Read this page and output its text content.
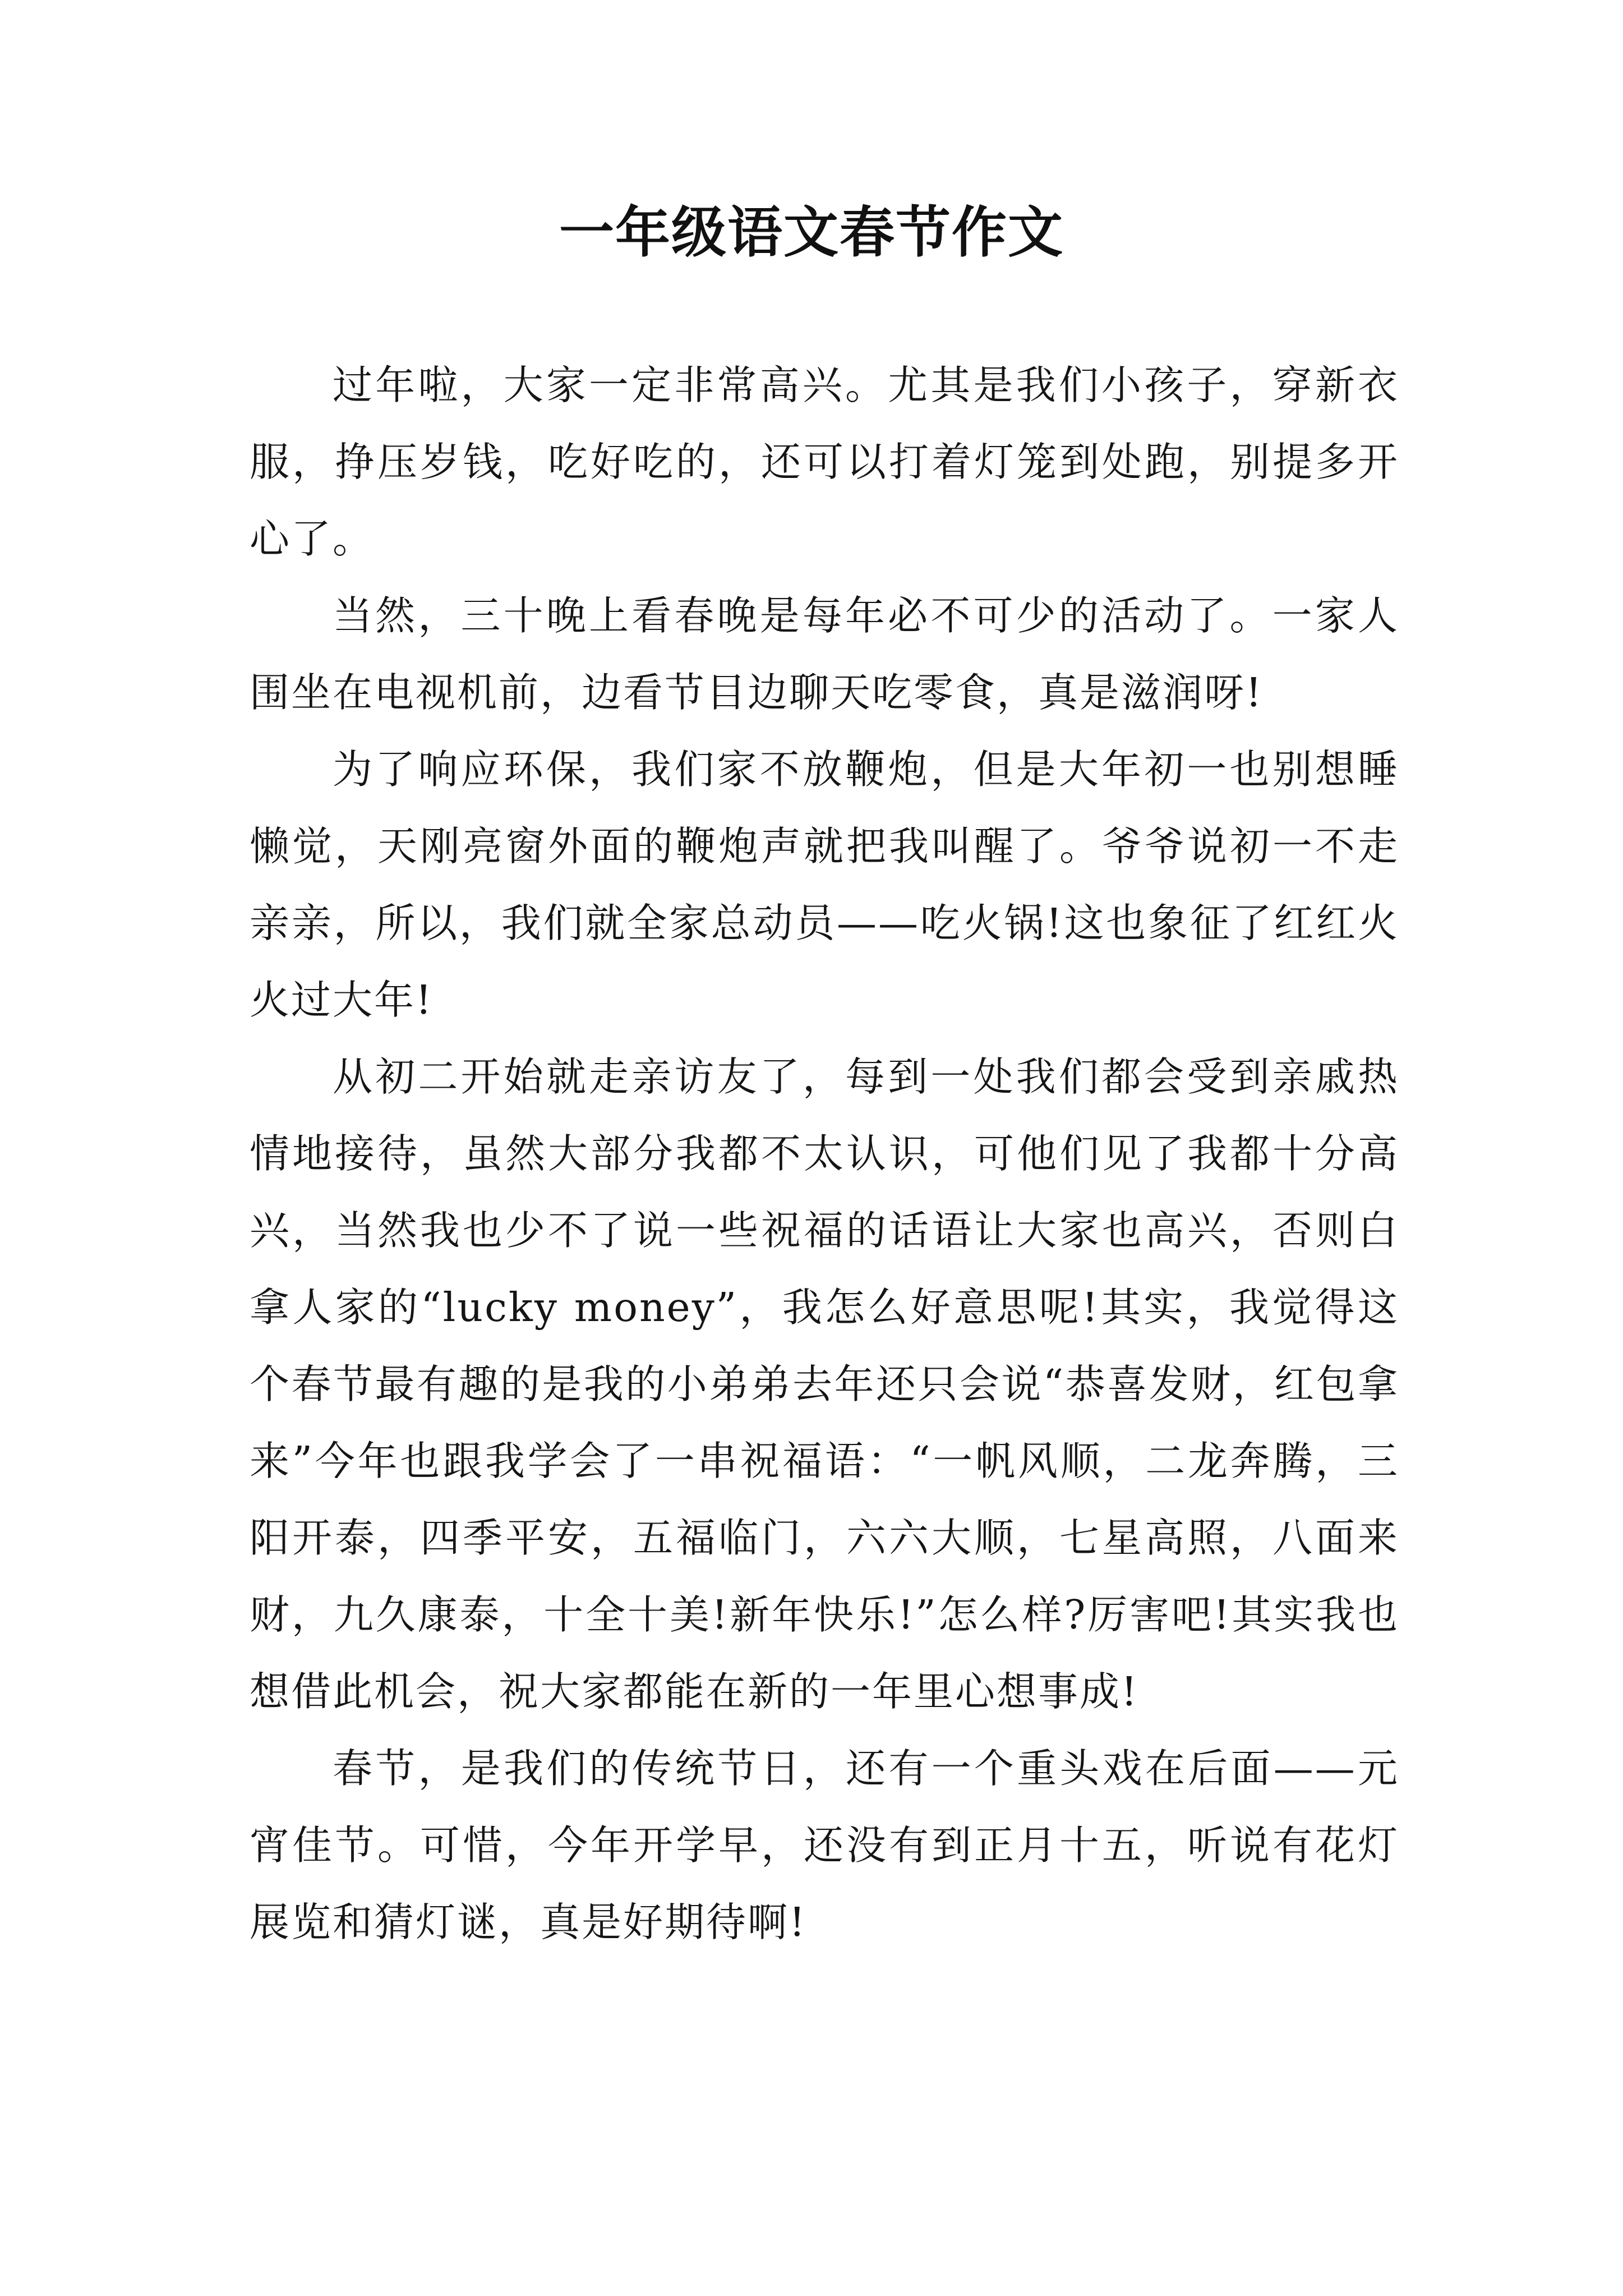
一年级语文春节作文

过年啦，大家一定非常高兴。尤其是我们小孩子，穿新衣服，挣压岁钱，吃好吃的，还可以打着灯笼到处跑，别提多开心了。

当然，三十晚上看春晚是每年必不可少的活动了。一家人围坐在电视机前，边看节目边聊天吃零食，真是滋润呀!

为了响应环保，我们家不放鞭炮，但是大年初一也别想睡懒觉，天刚亮窗外面的鞭炮声就把我叫醒了。爷爷说初一不走亲亲，所以，我们就全家总动员——吃火锅!这也象征了红红火火过大年!

从初二开始就走亲访友了，每到一处我们都会受到亲戚热情地接待，虽然大部分我都不太认识，可他们见了我都十分高兴，当然我也少不了说一些祝福的话语让大家也高兴，否则白拿人家的“lucky money”，我怎么好意思呢!其实，我觉得这个春节最有趣的是我的小弟弟去年还只会说“恭喜发财，红包拿来”今年也跟我学会了一串祝福语：“一帆风顺，二龙奔腾，三阳开泰，四季平安，五福临门，六六大顺，七星高照，八面来财，九久康泰，十全十美!新年快乐!”怎么样?厉害吧!其实我也想借此机会，祝大家都能在新的一年里心想事成!

春节，是我们的传统节日，还有一个重头戏在后面——元宵佳节。可惜，今年开学早，还没有到正月十五，听说有花灯展览和猜灯谜，真是好期待啊!
